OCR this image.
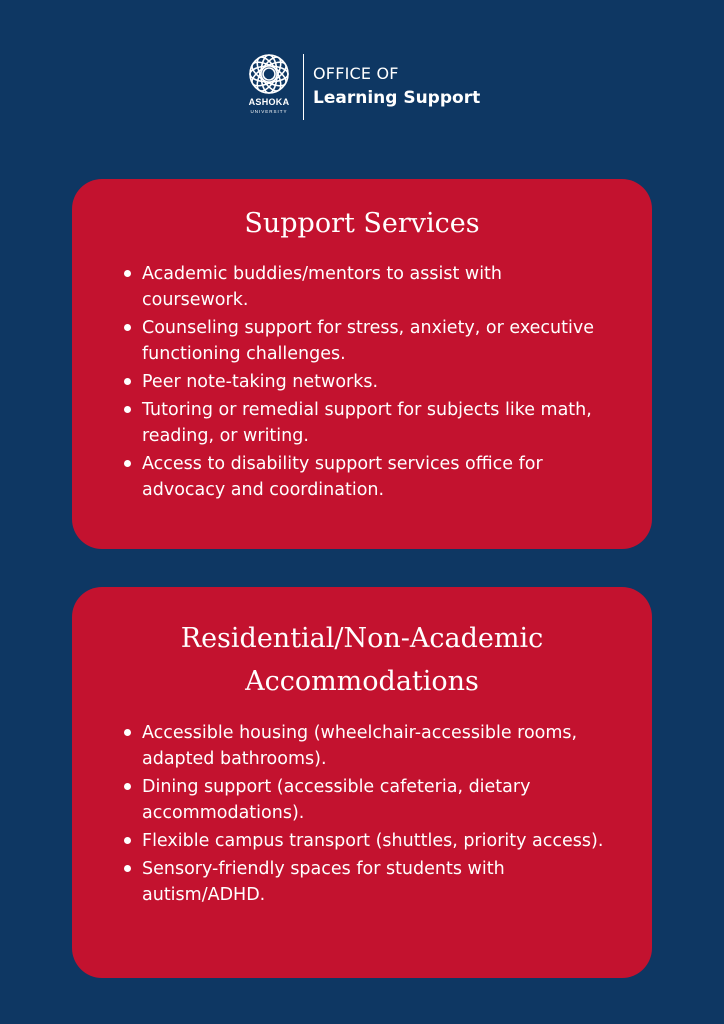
ASHOKA
UNIVERSITY
OFFICE OF
Learning Support
Support Services
Academic buddies/mentors to assist with coursework.
Counseling support for stress, anxiety, or executive functioning challenges.
Peer note-taking networks.
Tutoring or remedial support for subjects like math, reading, or writing.
Access to disability support services office for advocacy and coordination.
Residential/Non-Academic Accommodations
Accessible housing (wheelchair-accessible rooms, adapted bathrooms).
Dining support (accessible cafeteria, dietary accommodations).
Flexible campus transport (shuttles, priority access).
Sensory-friendly spaces for students with autism/ADHD.
